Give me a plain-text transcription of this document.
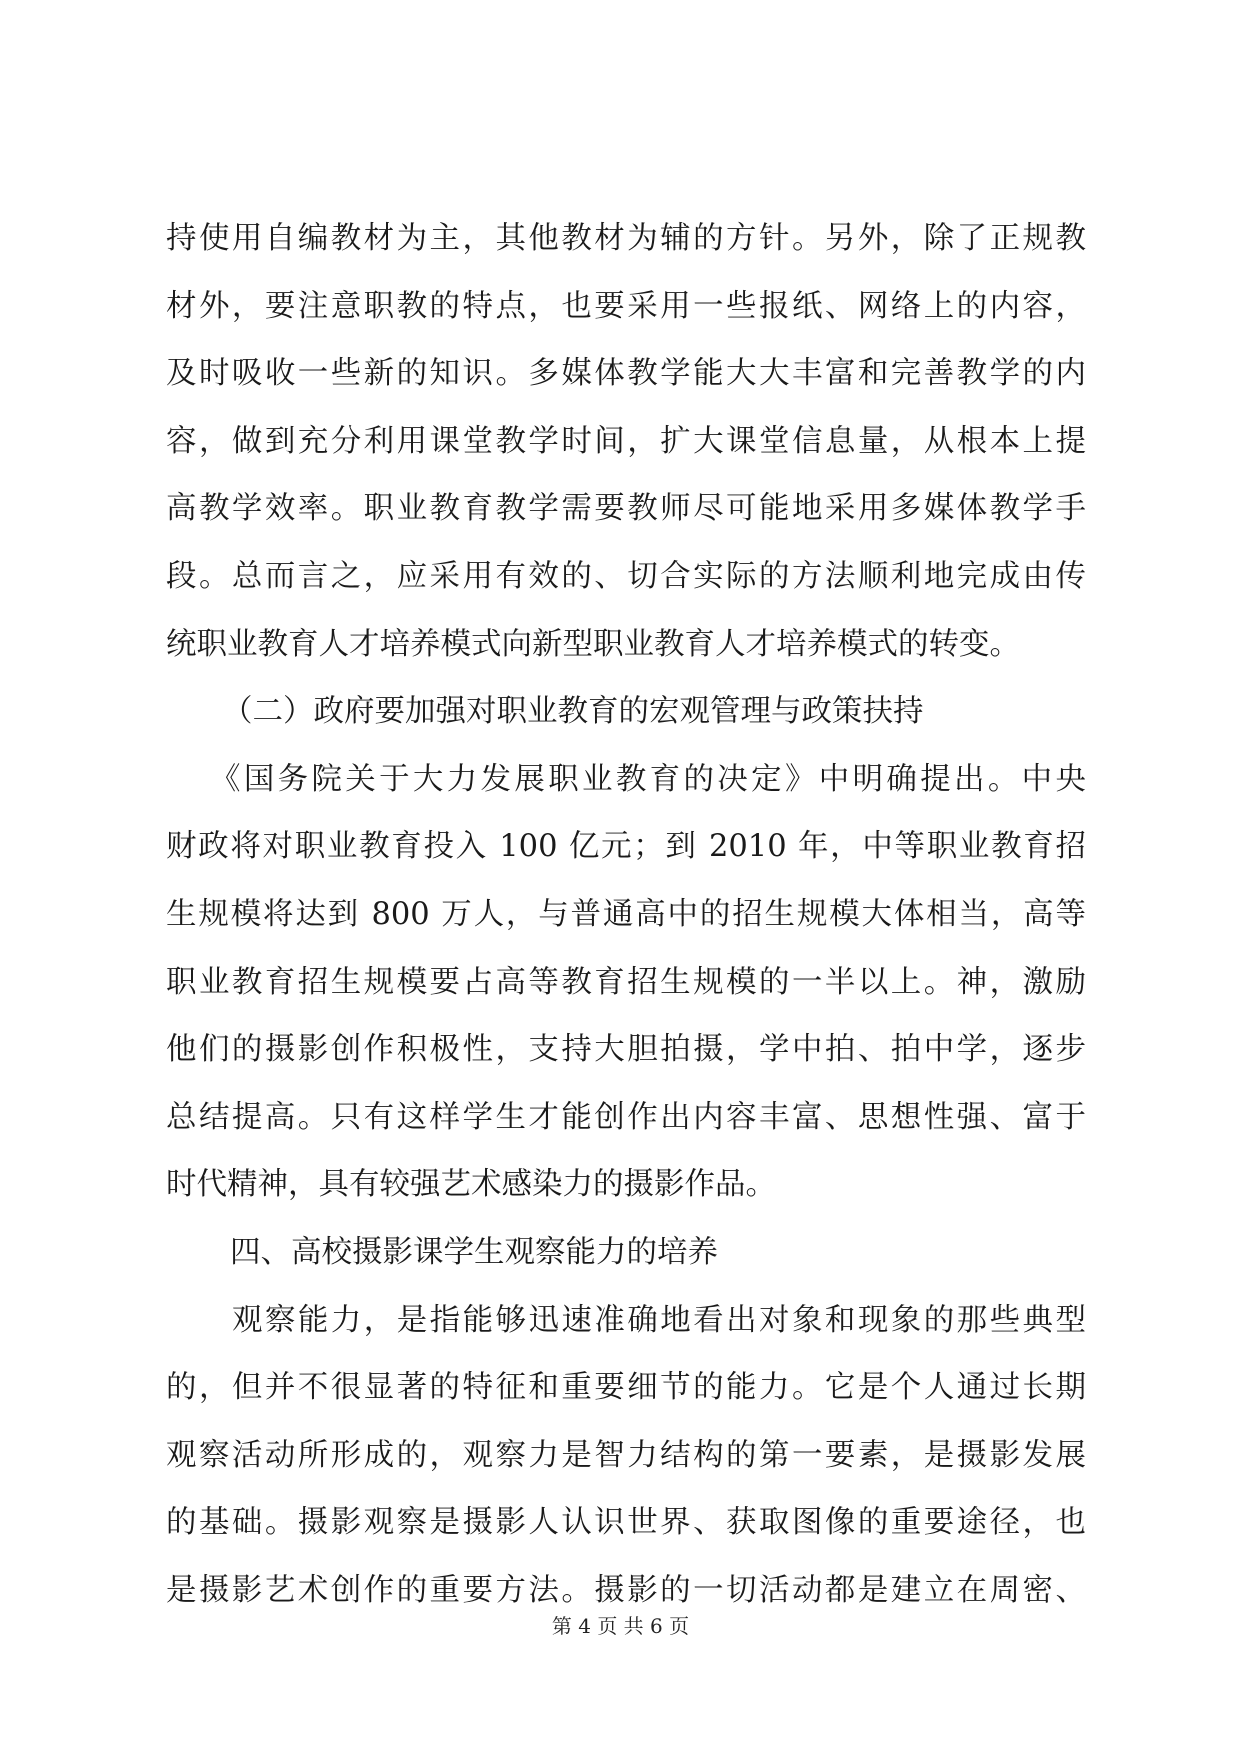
持使用自编教材为主，其他教材为辅的方针。另外，除了正规教
材外，要注意职教的特点，也要采用一些报纸、网络上的内容，
及时吸收一些新的知识。多媒体教学能大大丰富和完善教学的内
容，做到充分利用课堂教学时间，扩大课堂信息量，从根本上提
高教学效率。职业教育教学需要教师尽可能地采用多媒体教学手
段。总而言之，应采用有效的、切合实际的方法顺利地完成由传
统职业教育人才培养模式向新型职业教育人才培养模式的转变。
（二）政府要加强对职业教育的宏观管理与政策扶持
《国务院关于大力发展职业教育的决定》中明确提出。中央
财政将对职业教育投入 100 亿元；到 2010 年，中等职业教育招
生规模将达到 800 万人，与普通高中的招生规模大体相当，高等
职业教育招生规模要占高等教育招生规模的一半以上。神，激励
他们的摄影创作积极性，支持大胆拍摄，学中拍、拍中学，逐步
总结提高。只有这样学生才能创作出内容丰富、思想性强、富于
时代精神，具有较强艺术感染力的摄影作品。
四、高校摄影课学生观察能力的培养
观察能力，是指能够迅速准确地看出对象和现象的那些典型
的，但并不很显著的特征和重要细节的能力。它是个人通过长期
观察活动所形成的，观察力是智力结构的第一要素，是摄影发展
的基础。摄影观察是摄影人认识世界、获取图像的重要途径，也
是摄影艺术创作的重要方法。摄影的一切活动都是建立在周密、
第 4 页 共 6 页
